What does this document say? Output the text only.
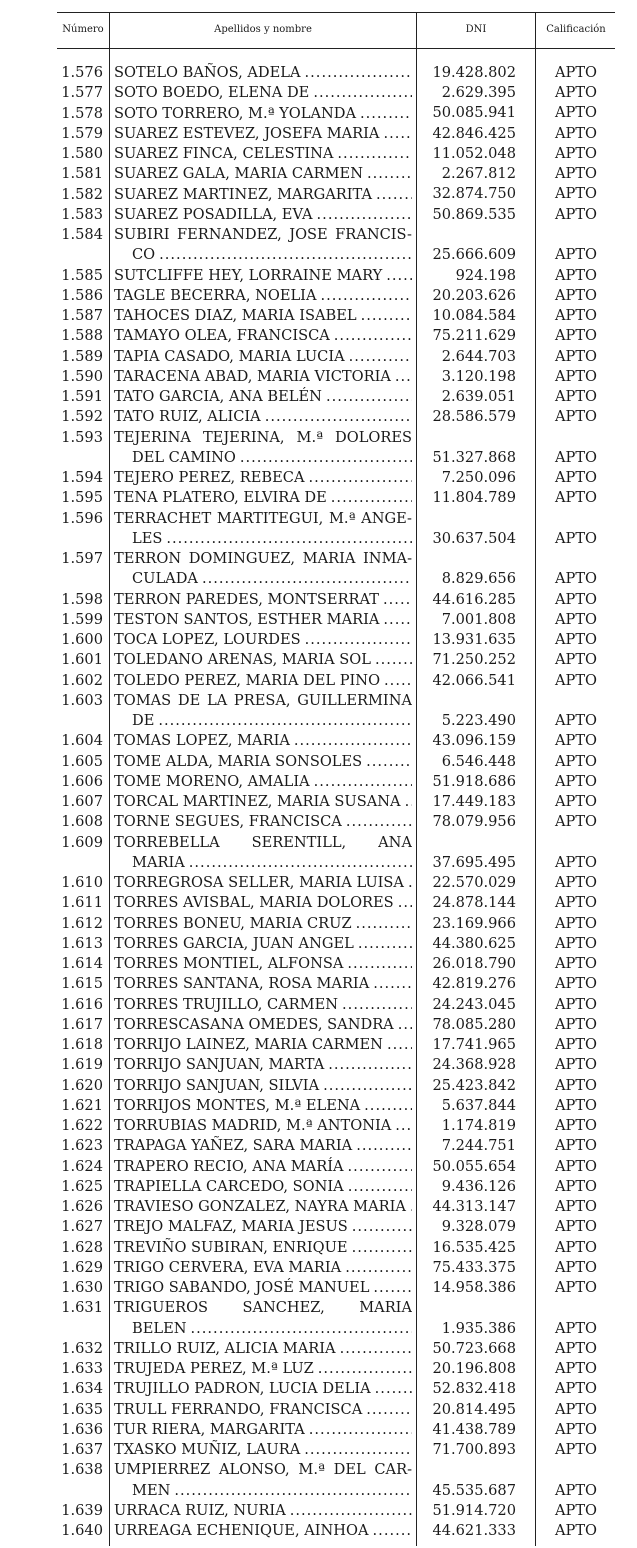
Número	Apellidos y nombre	DNI	Calificación
1.576 SOTELO BAÑOS, ADELA .....	19.428.802	APTO
1.577 SOTO BOEDO, ELENA DE .....	2.629.395	APTO
1.578 SOTO TORRERO, M.ª YOLANDA .....	50.085.941	APTO
1.579 SUAREZ ESTEVEZ, JOSEFA MARIA .....	42.846.425	APTO
1.580 SUAREZ FINCA, CELESTINA .....	11.052.048	APTO
1.581 SUAREZ GALA, MARIA CARMEN .....	2.267.812	APTO
1.582 SUAREZ MARTINEZ, MARGARITA .....	32.874.750	APTO
1.583 SUAREZ POSADILLA, EVA .....	50.869.535	APTO
1.584 SUBIRI FERNANDEZ, JOSE FRANCIS-
CO .....	25.666.609	APTO
1.585 SUTCLIFFE HEY, LORRAINE MARY .....	924.198	APTO
1.586 TAGLE BECERRA, NOELIA .....	20.203.626	APTO
1.587 TAHOCES DIAZ, MARIA ISABEL .....	10.084.584	APTO
1.588 TAMAYO OLEA, FRANCISCA .....	75.211.629	APTO
1.589 TAPIA CASADO, MARIA LUCIA .....	2.644.703	APTO
1.590 TARACENA ABAD, MARIA VICTORIA .....	3.120.198	APTO
1.591 TATO GARCIA, ANA BELÉN .....	2.639.051	APTO
1.592 TATO RUIZ, ALICIA .....	28.586.579	APTO
1.593 TEJERINA TEJERINA, M.ª DOLORES
DEL CAMINO .....	51.327.868	APTO
1.594 TEJERO PEREZ, REBECA .....	7.250.096	APTO
1.595 TENA PLATERO, ELVIRA DE .....	11.804.789	APTO
1.596 TERRACHET MARTITEGUI, M.ª ANGE-
LES .....	30.637.504	APTO
1.597 TERRON DOMINGUEZ, MARIA INMA-
CULADA .....	8.829.656	APTO
1.598 TERRON PAREDES, MONTSERRAT .....	44.616.285	APTO
1.599 TESTON SANTOS, ESTHER MARIA .....	7.001.808	APTO
1.600 TOCA LOPEZ, LOURDES .....	13.931.635	APTO
1.601 TOLEDANO ARENAS, MARIA SOL .....	71.250.252	APTO
1.602 TOLEDO PEREZ, MARIA DEL PINO .....	42.066.541	APTO
1.603 TOMAS DE LA PRESA, GUILLERMINA
DE .....	5.223.490	APTO
1.604 TOMAS LOPEZ, MARIA .....	43.096.159	APTO
1.605 TOME ALDA, MARIA SONSOLES .....	6.546.448	APTO
1.606 TOME MORENO, AMALIA .....	51.918.686	APTO
1.607 TORCAL MARTINEZ, MARIA SUSANA .....	17.449.183	APTO
1.608 TORNE SEGUES, FRANCISCA .....	78.079.956	APTO
1.609 TORREBELLA SERENTILL, ANA
MARIA .....	37.695.495	APTO
1.610 TORREGROSA SELLER, MARIA LUISA .....	22.570.029	APTO
1.611 TORRES AVISBAL, MARIA DOLORES .....	24.878.144	APTO
1.612 TORRES BONEU, MARIA CRUZ .....	23.169.966	APTO
1.613 TORRES GARCIA, JUAN ANGEL .....	44.380.625	APTO
1.614 TORRES MONTIEL, ALFONSA .....	26.018.790	APTO
1.615 TORRES SANTANA, ROSA MARIA .....	42.819.276	APTO
1.616 TORRES TRUJILLO, CARMEN .....	24.243.045	APTO
1.617 TORRESCASANA OMEDES, SANDRA .....	78.085.280	APTO
1.618 TORRIJO LAINEZ, MARIA CARMEN .....	17.741.965	APTO
1.619 TORRIJO SANJUAN, MARTA .....	24.368.928	APTO
1.620 TORRIJO SANJUAN, SILVIA .....	25.423.842	APTO
1.621 TORRIJOS MONTES, M.ª ELENA .....	5.637.844	APTO
1.622 TORRUBIAS MADRID, M.ª ANTONIA .....	1.174.819	APTO
1.623 TRAPAGA YAÑEZ, SARA MARIA .....	7.244.751	APTO
1.624 TRAPERO RECIO, ANA MARÍA .....	50.055.654	APTO
1.625 TRAPIELLA CARCEDO, SONIA .....	9.436.126	APTO
1.626 TRAVIESO GONZALEZ, NAYRA MARIA .....	44.313.147	APTO
1.627 TREJO MALFAZ, MARIA JESUS .....	9.328.079	APTO
1.628 TREVIÑO SUBIRAN, ENRIQUE .....	16.535.425	APTO
1.629 TRIGO CERVERA, EVA MARIA .....	75.433.375	APTO
1.630 TRIGO SABANDO, JOSÉ MANUEL .....	14.958.386	APTO
1.631 TRIGUEROS SANCHEZ, MARIA
BELEN .....	1.935.386	APTO
1.632 TRILLO RUIZ, ALICIA MARIA .....	50.723.668	APTO
1.633 TRUJEDA PEREZ, M.ª LUZ .....	20.196.808	APTO
1.634 TRUJILLO PADRON, LUCIA DELIA .....	52.832.418	APTO
1.635 TRULL FERRANDO, FRANCISCA .....	20.814.495	APTO
1.636 TUR RIERA, MARGARITA .....	41.438.789	APTO
1.637 TXASKO MUÑIZ, LAURA .....	71.700.893	APTO
1.638 UMPIERREZ ALONSO, M.ª DEL CAR-
MEN .....	45.535.687	APTO
1.639 URRACA RUIZ, NURIA .....	51.914.720	APTO
1.640 URREAGA ECHENIQUE, AINHOA .....	44.621.333	APTO
